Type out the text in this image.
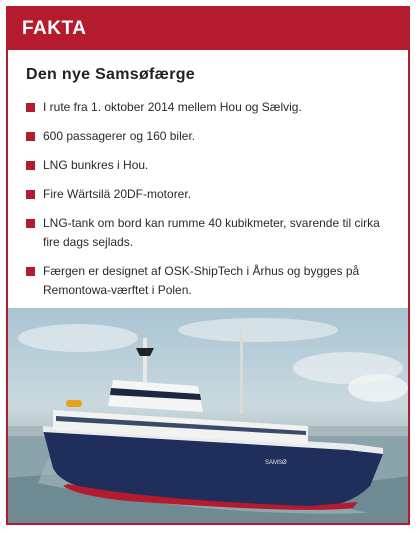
FAKTA
Den nye Samsøfærge
I rute fra 1. oktober 2014 mellem Hou og Sælvig.
600 passagerer og 160 biler.
LNG bunkres i Hou.
Fire Wärtsilä 20DF-motorer.
LNG-tank om bord kan rumme 40 kubikmeter, svarende til cirka fire dags sejlads.
Færgen er designet af OSK-ShipTech i Århus og bygges på Remontowa-værftet i Polen.
SAMSØ
